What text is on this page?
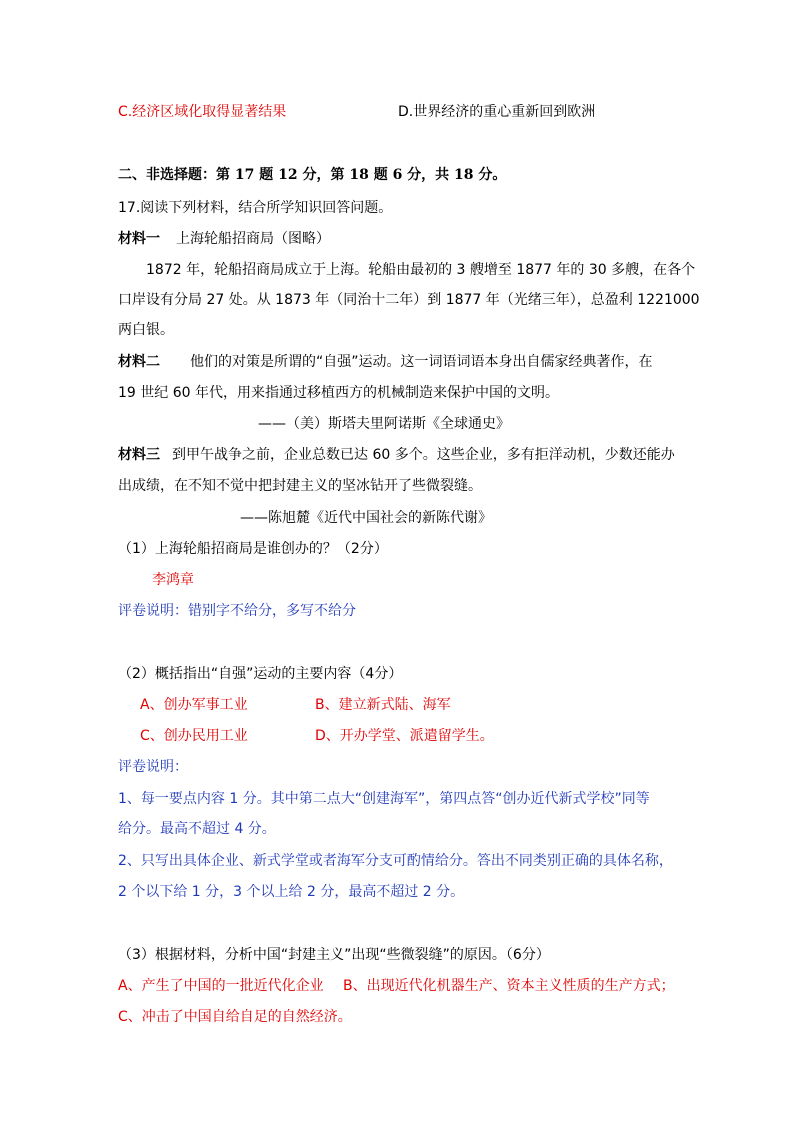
C.经济区域化取得显著结果	D.世界经济的重心重新回到欧洲
二、非选择题：第 17 题 12 分，第 18 题 6 分，共 18 分。
17.阅读下列材料，结合所学知识回答问题。
材料一 上海轮船招商局（图略）
1872 年，轮船招商局成立于上海。轮船由最初的 3 艘增至 1877 年的 30 多艘，在各个
口岸设有分局 27 处。从 1873 年（同治十二年）到 1877 年（光绪三年），总盈利 1221000
两白银。
材料二 他们的对策是所谓的“自强”运动。这一词语词语本身出自儒家经典著作，在
19 世纪 60 年代，用来指通过移植西方的机械制造来保护中国的文明。
——（美）斯塔夫里阿诺斯《全球通史》
材料三 到甲午战争之前，企业总数已达 60 多个。这些企业，多有拒洋动机，少数还能办
出成绩，在不知不觉中把封建主义的坚冰钻开了些微裂缝。
——陈旭麓《近代中国社会的新陈代谢》
（1）上海轮船招商局是谁创办的？（2分）
李鸿章
评卷说明：错别字不给分，多写不给分
（2）概括指出“自强”运动的主要内容（4分）
A、创办军事工业	B、建立新式陆、海军
C、创办民用工业	D、开办学堂、派遣留学生。
评卷说明：
1、每一要点内容 1 分。其中第二点大“创建海军”，第四点答“创办近代新式学校”同等
给分。最高不超过 4 分。
2、只写出具体企业、新式学堂或者海军分支可酌情给分。答出不同类别正确的具体名称，
2 个以下给 1 分，3 个以上给 2 分，最高不超过 2 分。
（3）根据材料，分析中国“封建主义”出现“些微裂缝”的原因。（6分）
A、产生了中国的一批近代化企业 B、出现近代化机器生产、资本主义性质的生产方式；
C、冲击了中国自给自足的自然经济。
